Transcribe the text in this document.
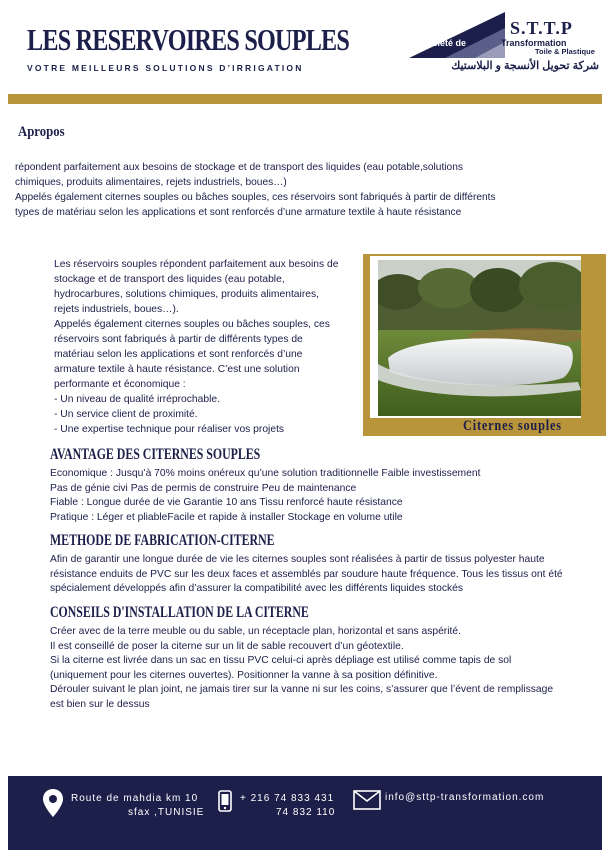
LES RESERVOIRES SOUPLES
VOTRE MEILLEURS SOLUTIONS D’IRRIGATION
S.T.T.P
Société de	Transformation
Toile & Plastique
شركة تحويل الأنسجة و البلاستيك
Apropos

répondent parfaitement aux besoins de stockage et de transport des liquides (eau potable,solutions

chimiques, produits alimentaires, rejets industriels, boues…)

Appelés également citernes souples ou bâches souples, ces réservoirs sont fabriqués à partir de différents

types de matériau selon les applications et sont renforcés d’une armature textile à haute résistance

Les réservoirs souples répondent parfaitement aux besoins de

stockage et de transport des liquides (eau potable,

hydrocarbures, solutions chimiques, produits alimentaires,

rejets industriels, boues…).

Appelés également citernes souples ou bâches souples, ces

réservoirs sont fabriqués à partir de différents types de

matériau selon les applications et sont renforcés d’une

armature textile à haute résistance. C’est une solution

performante et économique :

- Un niveau de qualité irréprochable.

- Un service client de proximité.

- Une expertise technique pour réaliser vos projets	Citernes souples
AVANTAGE DES CITERNES SOUPLES

Economique : Jusqu’à 70% moins onéreux qu’une solution traditionnelle Faible investissement

Pas de génie civi Pas de permis de construire Peu de maintenance

Fiable : Longue durée de vie Garantie 10 ans Tissu renforcé haute résistance

Pratique : Léger et pliableFacile et rapide à installer Stockage en volume utile

METHODE DE FABRICATION-CITERNE

Afin de garantir une longue durée de vie les citernes souples sont réalisées à partir de tissus polyester haute

résistance enduits de PVC sur les deux faces et assemblés par soudure haute fréquence. Tous les tissus ont été

spécialement développés afin d’assurer la compatibilité avec les différents liquides stockés

CONSEILS D'INSTALLATION DE LA CITERNE

Créer avec de la terre meuble ou du sable, un réceptacle plan, horizontal et sans aspérité.

Il est conseillé de poser la citerne sur un lit de sable recouvert d’un géotextile.

Si la citerne est livrée dans un sac en tissu PVC celui-ci après dépliage est utilisé comme tapis de sol

(uniquement pour les citernes ouvertes). Positionner la vanne à sa position définitive.

Dérouler suivant le plan joint, ne jamais tirer sur la vanne ni sur les coins, s’assurer que l’évent de remplissage

est bien sur le dessus

Route de mahdia km 10
sfax ,TUNISIE
+ 216 74 833 431
74 832 110
info@sttp-transformation.com
